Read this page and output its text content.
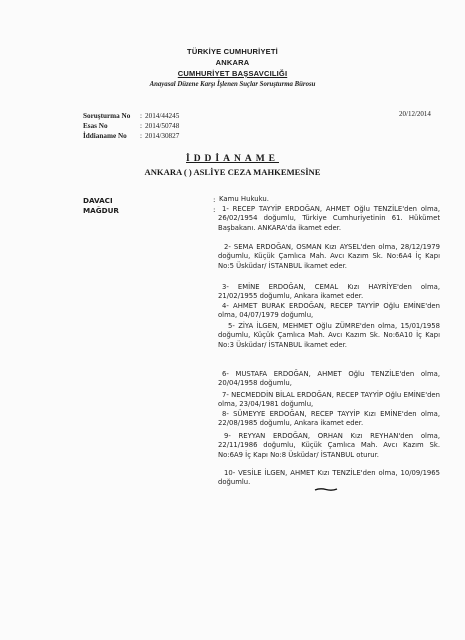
TÜRKİYE CUMHURİYETİ
ANKARA
CUMHURİYET BAŞSAVCILIĞI
Anayasal Düzene Karşı İşlenen Suçlar Soruşturma Bürosu
Soruşturma No : 2014/44245
Esas No	: 2014/50748
İddianame No : 2014/30827
20/12/2014
İDDİANAME
ANKARA ( ) ASLİYE CEZA MAHKEMESİNE
DAVACI	: Kamu Hukuku.
MAĞDUR	: 1- RECEP TAYYİP ERDOĞAN, AHMET Oğlu TENZİLE'den olma, 26/02/1954 doğumlu, Türkiye Cumhuriyetinin 61. Hükümet Başbakanı. ANKARA'da ikamet eder.
2- SEMA ERDOĞAN, OSMAN Kızı AYSEL'den olma, 28/12/1979 doğumlu, Küçük Çamlıca Mah. Avcı Kazım Sk. No:6A4 İç Kapı No:5 Üsküdar/ İSTANBUL ikamet eder.
3- EMİNE ERDOĞAN, CEMAL Kızı HAYRİYE'den olma, 21/02/1955 doğumlu, Ankara ikamet eder.
4- AHMET BURAK ERDOĞAN, RECEP TAYYİP Oğlu EMİNE'den olma, 04/07/1979 doğumlu,
5- ZİYA İLGEN, MEHMET Oğlu ZÜMRE'den olma, 15/01/1958 doğumlu, Küçük Çamlıca Mah. Avcı Kazım Sk. No:6A10 İç Kapı No:3 Üsküdar/ İSTANBUL ikamet eder.
6- MUSTAFA ERDOĞAN, AHMET Oğlu TENZİLE'den olma, 20/04/1958 doğumlu,
7- NECMEDDİN BİLAL ERDOĞAN, RECEP TAYYİP Oğlu EMİNE'den olma, 23/04/1981 doğumlu,
8- SÜMEYYE ERDOĞAN, RECEP TAYYİP Kızı EMİNE'den olma, 22/08/1985 doğumlu, Ankara ikamet eder.
9- REYYAN ERDOĞAN, ORHAN Kızı REYHAN'den olma, 22/11/1986 doğumlu, Küçük Çamlıca Mah. Avcı Kazım Sk. No:6A9 İç Kapı No:8 Üsküdar/ İSTANBUL oturur.
10- VESİLE İLGEN, AHMET Kızı TENZİLE'den olma, 10/09/1965 doğumlu.
